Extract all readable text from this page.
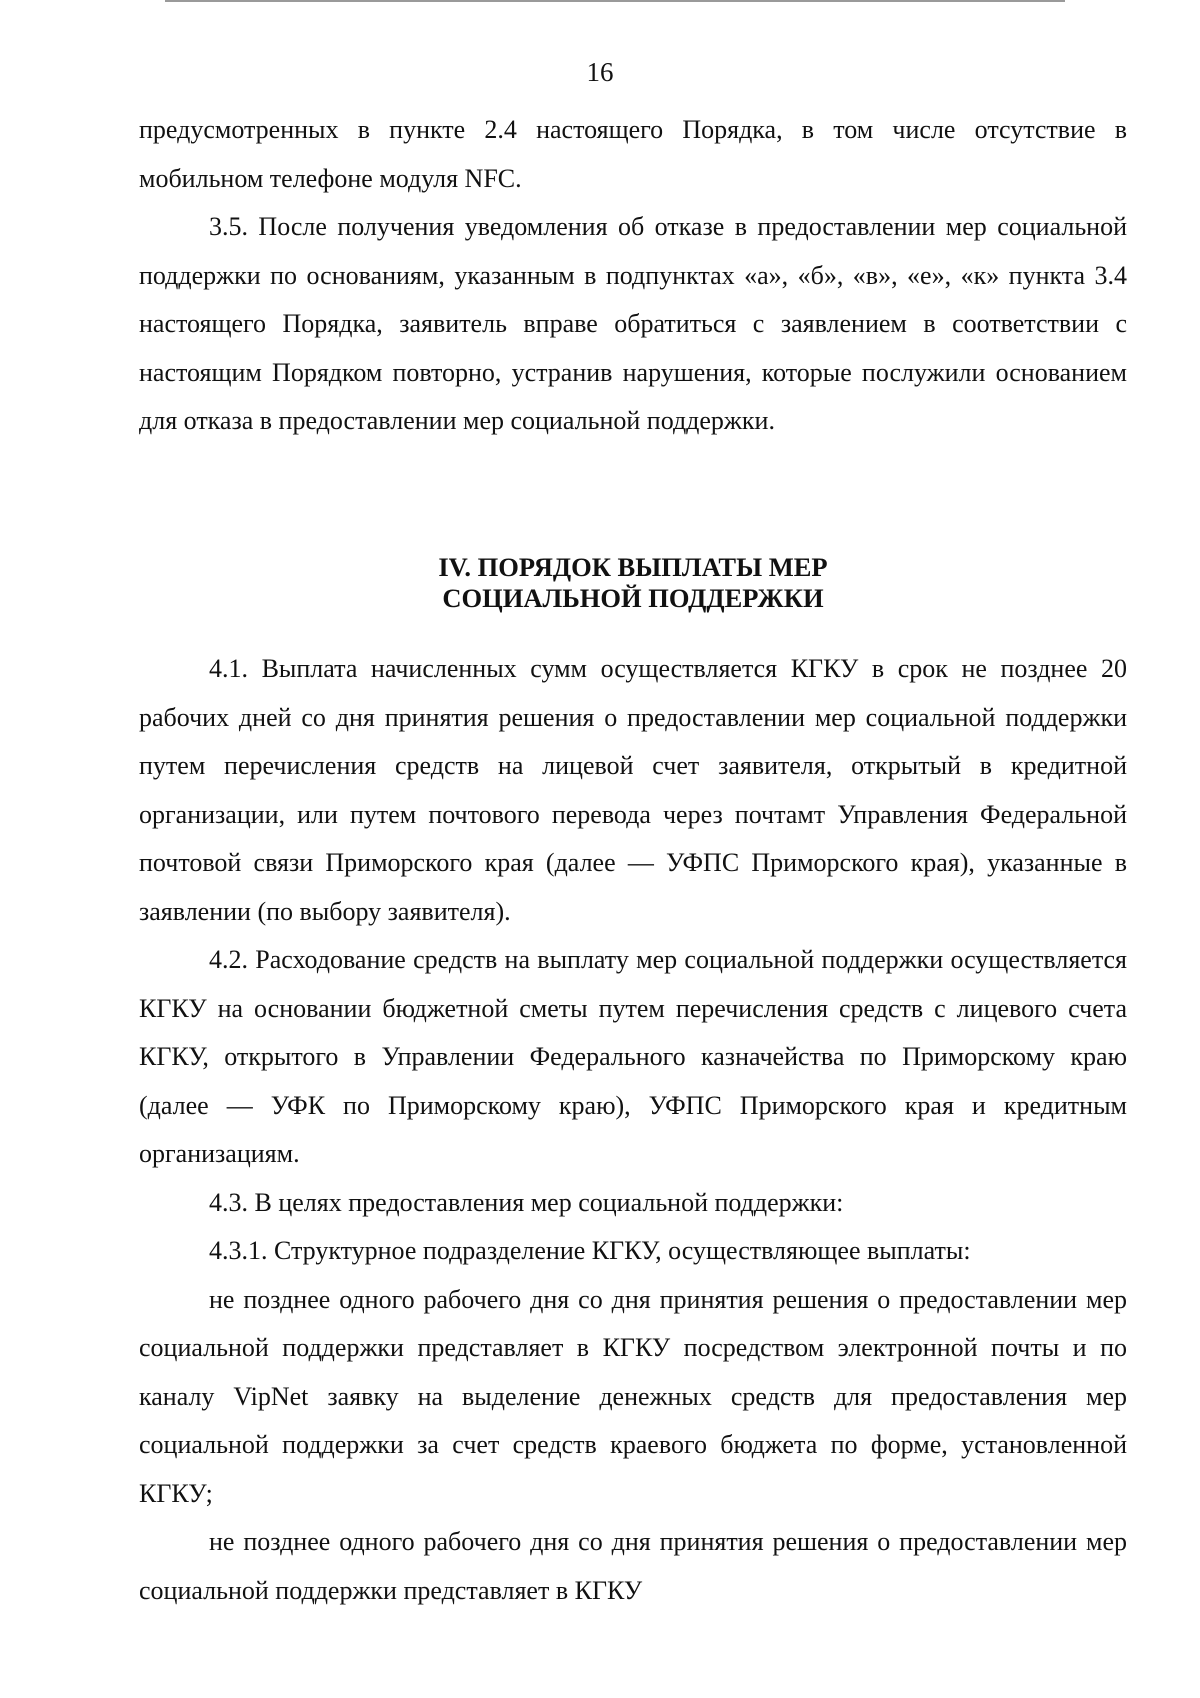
16

предусмотренных в пункте 2.4 настоящего Порядка, в том числе отсутствие в мобильном телефоне модуля NFC.

3.5. После получения уведомления об отказе в предоставлении мер социальной поддержки по основаниям, указанным в подпунктах «а», «б», «в», «е», «к» пункта 3.4 настоящего Порядка, заявитель вправе обратиться с заявлением в соответствии с настоящим Порядком повторно, устранив нарушения, которые послужили основанием для отказа в предоставлении мер социальной поддержки.

IV. ПОРЯДОК ВЫПЛАТЫ МЕР
СОЦИАЛЬНОЙ ПОДДЕРЖКИ

4.1. Выплата начисленных сумм осуществляется КГКУ в срок не позднее 20 рабочих дней со дня принятия решения о предоставлении мер социальной поддержки путем перечисления средств на лицевой счет заявителя, открытый в кредитной организации, или путем почтового перевода через почтамт Управления Федеральной почтовой связи Приморского края (далее — УФПС Приморского края), указанные в заявлении (по выбору заявителя).

4.2. Расходование средств на выплату мер социальной поддержки осуществляется КГКУ на основании бюджетной сметы путем перечисления средств с лицевого счета КГКУ, открытого в Управлении Федерального казначейства по Приморскому краю (далее — УФК по Приморскому краю), УФПС Приморского края и кредитным организациям.

4.3. В целях предоставления мер социальной поддержки:

4.3.1. Структурное подразделение КГКУ, осуществляющее выплаты:

не позднее одного рабочего дня со дня принятия решения о предоставлении мер социальной поддержки представляет в КГКУ посредством электронной почты и по каналу VipNet заявку на выделение денежных средств для предоставления мер социальной поддержки за счет средств краевого бюджета по форме, установленной КГКУ;

не позднее одного рабочего дня со дня принятия решения о предоставлении мер социальной поддержки представляет в КГКУ
